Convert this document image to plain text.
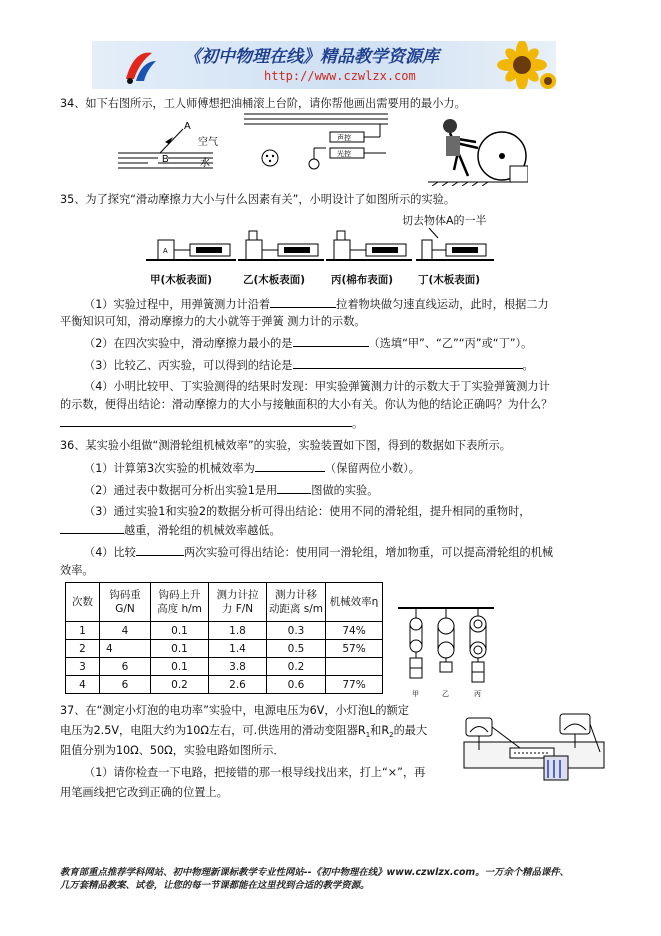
《初中物理在线》精品教学资源库
http://www.czwlzx.com
34、如下右图所示，工人师傅想把油桶滚上台阶，请你帮他画出需要用的最小力。
A
B
空气
水
声控
光控
35、为了探究“滑动摩擦力大小与什么因素有关”，小明设计了如图所示的实验。
切去物体A的一半
A
甲(木板表面)	乙(木板表面) 丙(棉布表面) 丁(木板表面)
（1）实验过程中，用弹簧测力计沿着	拉着物块做匀速直线运动，此时，根据二力
平衡知识可知，滑动摩擦力的大小就等于弹簧 测力计的示数。
（2）在四次实验中，滑动摩擦力最小的是	（选填“甲”、“乙”“丙”或“丁”）。
（3）比较乙、丙实验，可以得到的结论是	。
（4）小明比较甲、丁实验测得的结果时发现：甲实验弹簧测力计的示数大于丁实验弹簧测力计
的示数，便得出结论：滑动摩擦力的大小与接触面积的大小有关。你认为他的结论正确吗？为什么？
。
36、某实验小组做“测滑轮组机械效率”的实验，实验装置如下图，得到的数据如下表所示。
（1）计算第3次实验的机械效率为	（保留两位小数）。
（2）通过表中数据可分析出实验1是用	图做的实验。
（3）通过实验1和实验2的数据分析可得出结论：使用不同的滑轮组，提升相同的重物时，
越重，滑轮组的机械效率越低。
（4）比较	两次实验可得出结论：使用同一滑轮组，增加物重，可以提高滑轮组的机械
效率。
次数	钩码重
G/N	钩码上升
高度 h/m	测力计拉
力 F/N	测力计移
动距离 s/m	机械效率η
1	4	0.1	1.8	0.3	74%
2	4	0.1	1.4	0.5	57%
3	6	0.1	3.8	0.2	
4	6	0.2	2.6	0.6	77%
甲	乙	丙
37、在“测定小灯泡的电功率”实验中，电源电压为6V，小灯泡L的额定
电压为2.5V，电阻大约为10Ω左右，可.供选用的滑动变阻器$R_1$和$R_2$的最大
阻值分别为10Ω、50Ω，实验电路如图所示．
（1）请你检查一下电路，把接错的那一根导线找出来，打上“×”，再
用笔画线把它改到正确的位置上。
教育部重点推荐学科网站、初中物理新课标教学专业性网站--《初中物理在线》www.czwlzx.com。一万余个精品课件、
几万套精品教案、试卷，让您的每一节课都能在这里找到合适的教学资源。
